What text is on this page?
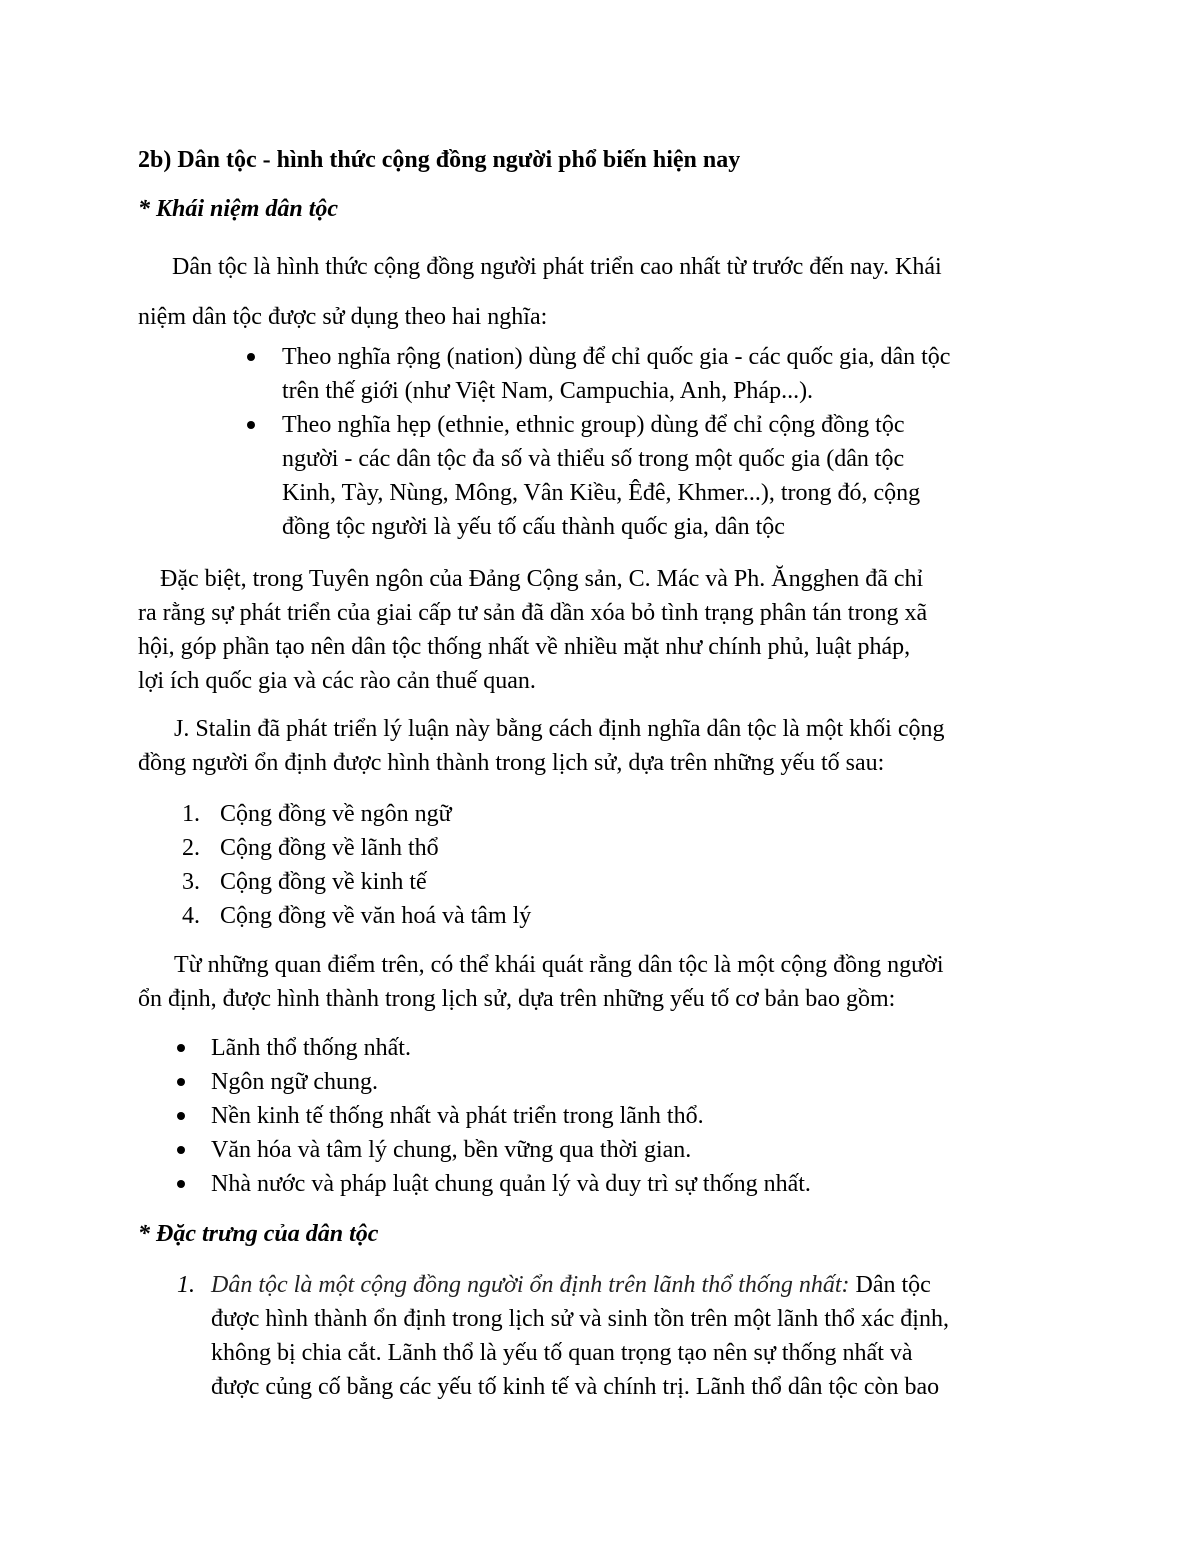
2b) Dân tộc - hình thức cộng đồng người phổ biến hiện nay
* Khái niệm dân tộc
Dân tộc là hình thức cộng đồng người phát triển cao nhất từ trước đến nay. Khái
niệm dân tộc được sử dụng theo hai nghĩa:
Theo nghĩa rộng (nation) dùng để chỉ quốc gia - các quốc gia, dân tộc
trên thế giới (như Việt Nam, Campuchia, Anh, Pháp...).
Theo nghĩa hẹp (ethnie, ethnic group) dùng để chỉ cộng đồng tộc
người - các dân tộc đa số và thiểu số trong một quốc gia (dân tộc
Kinh, Tày, Nùng, Mông, Vân Kiều, Êđê, Khmer...), trong đó, cộng
đồng tộc người là yếu tố cấu thành quốc gia, dân tộc
Đặc biệt, trong Tuyên ngôn của Đảng Cộng sản, C. Mác và Ph. Ăngghen đã chỉ
ra rằng sự phát triển của giai cấp tư sản đã dần xóa bỏ tình trạng phân tán trong xã
hội, góp phần tạo nên dân tộc thống nhất về nhiều mặt như chính phủ, luật pháp,
lợi ích quốc gia và các rào cản thuế quan.
J. Stalin đã phát triển lý luận này bằng cách định nghĩa dân tộc là một khối cộng
đồng người ổn định được hình thành trong lịch sử, dựa trên những yếu tố sau:
1. Cộng đồng về ngôn ngữ
2. Cộng đồng về lãnh thổ
3. Cộng đồng về kinh tế
4. Cộng đồng về văn hoá và tâm lý
Từ những quan điểm trên, có thể khái quát rằng dân tộc là một cộng đồng người
ổn định, được hình thành trong lịch sử, dựa trên những yếu tố cơ bản bao gồm:
Lãnh thổ thống nhất.
Ngôn ngữ chung.
Nền kinh tế thống nhất và phát triển trong lãnh thổ.
Văn hóa và tâm lý chung, bền vững qua thời gian.
Nhà nước và pháp luật chung quản lý và duy trì sự thống nhất.
* Đặc trưng của dân tộc
1. Dân tộc là một cộng đồng người ổn định trên lãnh thổ thống nhất: Dân tộc
được hình thành ổn định trong lịch sử và sinh tồn trên một lãnh thổ xác định,
không bị chia cắt. Lãnh thổ là yếu tố quan trọng tạo nên sự thống nhất và
được củng cố bằng các yếu tố kinh tế và chính trị. Lãnh thổ dân tộc còn bao
